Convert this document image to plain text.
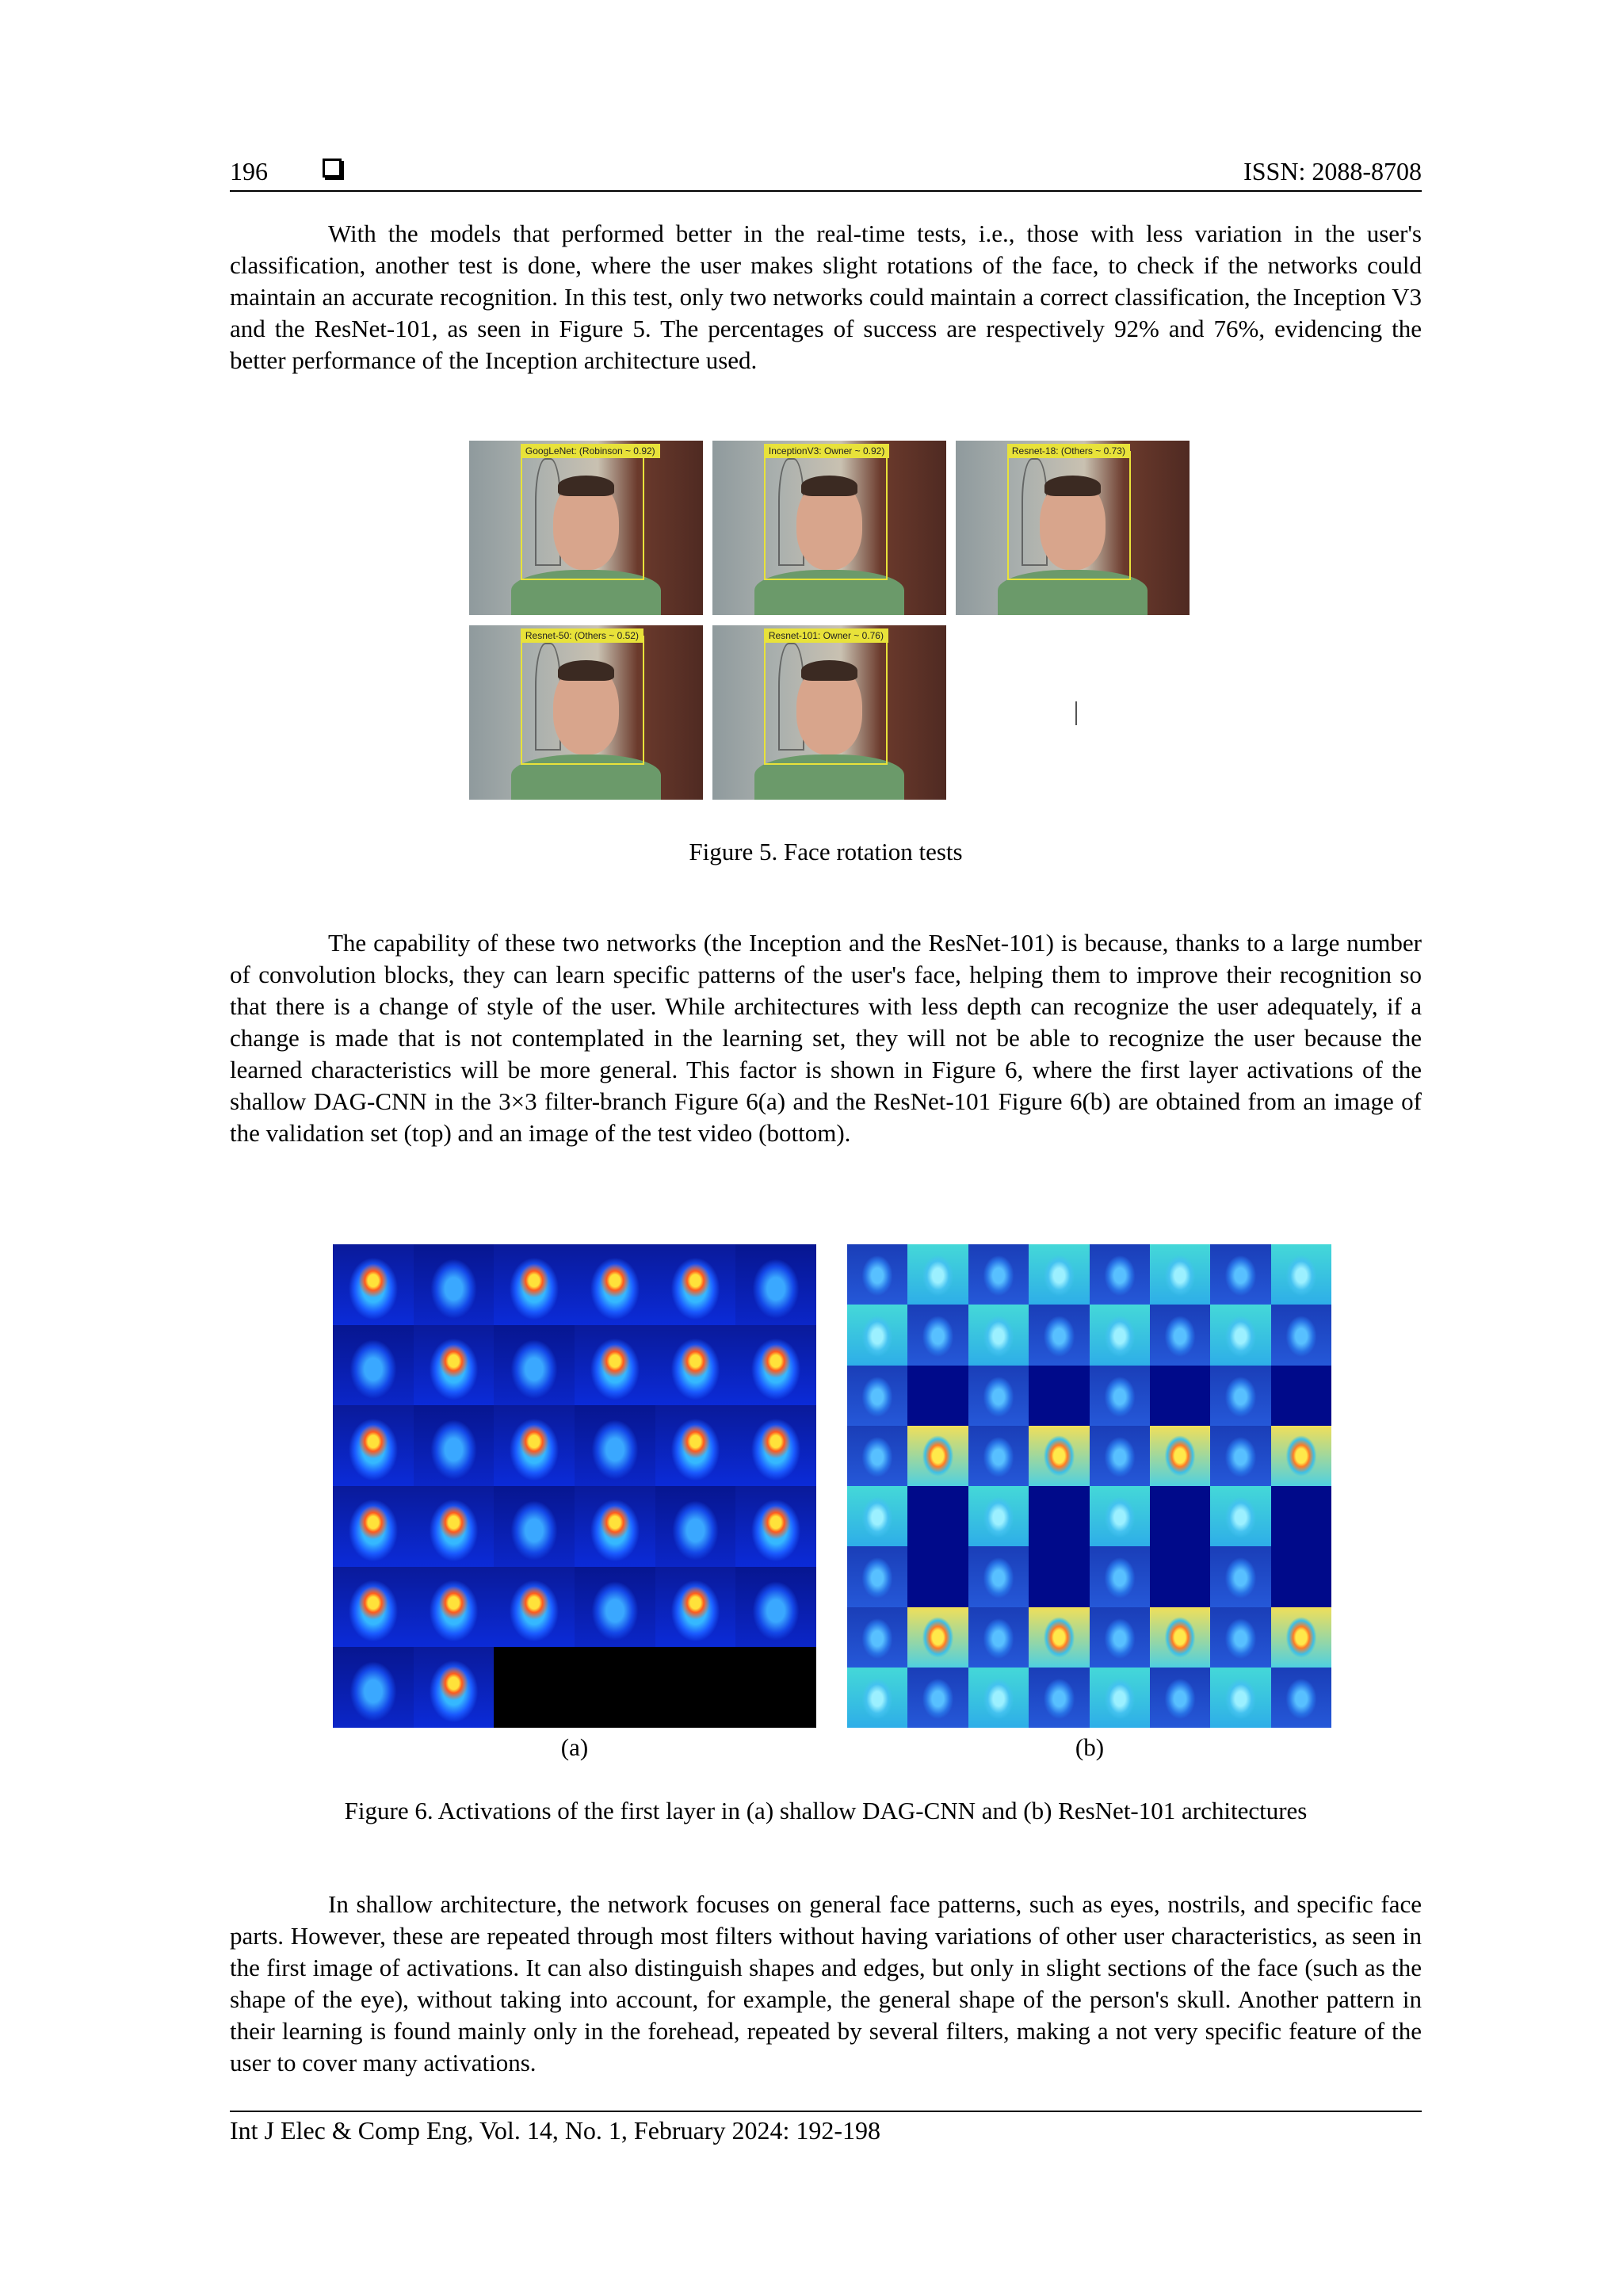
196	ISSN: 2088-8708

With the models that performed better in the real-time tests, i.e., those with less variation in the user's classification, another test is done, where the user makes slight rotations of the face, to check if the networks could maintain an accurate recognition. In this test, only two networks could maintain a correct classification, the Inception V3 and the ResNet-101, as seen in Figure 5. The percentages of success are respectively 92% and 76%, evidencing the better performance of the Inception architecture used.

GoogLeNet: (Robinson ~ 0.92)	InceptionV3: Owner ~ 0.92)	Resnet-18: (Others ~ 0.73)
Resnet-50: (Others ~ 0.52)	Resnet-101: Owner ~ 0.76)
Figure 5. Face rotation tests

The capability of these two networks (the Inception and the ResNet-101) is because, thanks to a large number of convolution blocks, they can learn specific patterns of the user's face, helping them to improve their recognition so that there is a change of style of the user. While architectures with less depth can recognize the user adequately, if a change is made that is not contemplated in the learning set, they will not be able to recognize the user because the learned characteristics will be more general. This factor is shown in Figure 6, where the first layer activations of the shallow DAG-CNN in the 3×3 filter-branch Figure 6(a) and the ResNet-101 Figure 6(b) are obtained from an image of the validation set (top) and an image of the test video (bottom).

(a)	(b)
Figure 6. Activations of the first layer in (a) shallow DAG-CNN and (b) ResNet-101 architectures

In shallow architecture, the network focuses on general face patterns, such as eyes, nostrils, and specific face parts. However, these are repeated through most filters without having variations of other user characteristics, as seen in the first image of activations. It can also distinguish shapes and edges, but only in slight sections of the face (such as the shape of the eye), without taking into account, for example, the general shape of the person's skull. Another pattern in their learning is found mainly only in the forehead, repeated by several filters, making a not very specific feature of the user to cover many activations.

Int J Elec & Comp Eng, Vol. 14, No. 1, February 2024: 192-198
